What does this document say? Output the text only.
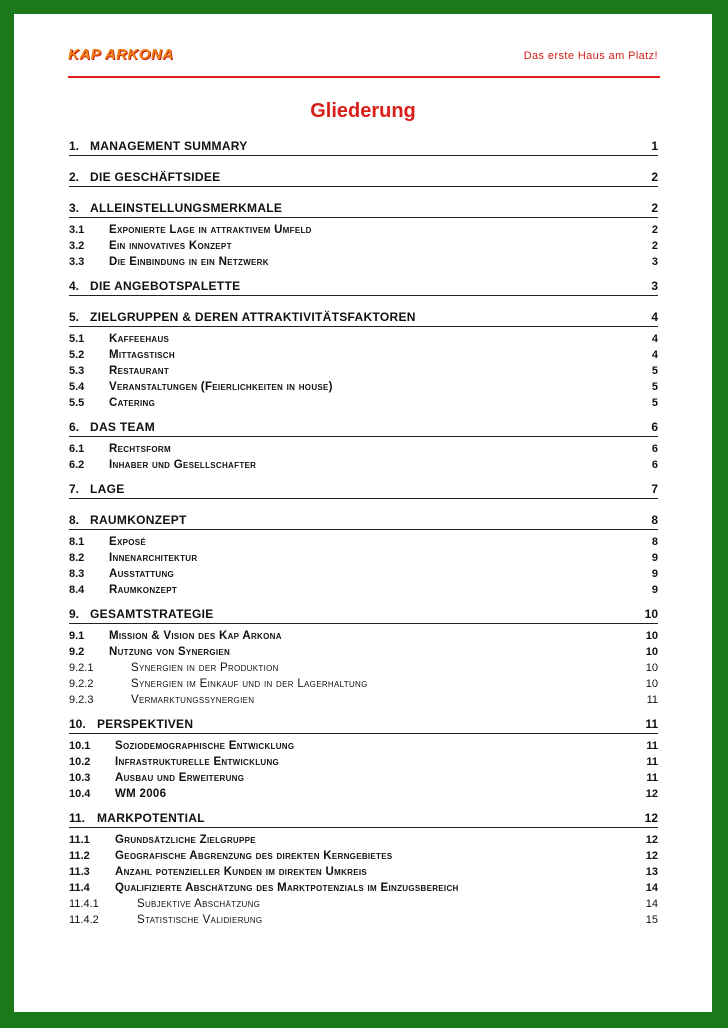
KAP ARKONA	Das erste Haus am Platz!
Gliederung
1. MANAGEMENT SUMMARY	1
2. DIE GESCHÄFTSIDEE	2
3. ALLEINSTELLUNGSMERKMALE	2
3.1 Exponierte Lage in attraktivem Umfeld	2
3.2 Ein innovatives Konzept	2
3.3 Die Einbindung in ein Netzwerk	3
4. DIE ANGEBOTSPALETTE	3
5. ZIELGRUPPEN & DEREN ATTRAKTIVITÄTSFAKTOREN	4
5.1 Kaffeehaus	4
5.2 Mittagstisch	4
5.3 Restaurant	5
5.4 Veranstaltungen (Feierlichkeiten in house)	5
5.5 Catering	5
6. DAS TEAM	6
6.1 Rechtsform	6
6.2 Inhaber und Gesellschafter	6
7. LAGE	7
8. RAUMKONZEPT	8
8.1 Exposé	8
8.2 Innenarchitektur	9
8.3 Ausstattung	9
8.4 Raumkonzept	9
9. GESAMTSTRATEGIE	10
9.1 Mission & Vision des Kap Arkona	10
9.2 Nutzung von Synergien	10
9.2.1	Synergien in der Produktion	10
9.2.2	Synergien im Einkauf und in der Lagerhaltung	10
9.2.3	Vermarktungssynergien	11
10. PERSPEKTIVEN	11
10.1 Soziodemographische Entwicklung	11
10.2 Infrastrukturelle Entwicklung	11
10.3 Ausbau und Erweiterung	11
10.4 WM 2006	12
11. MARKPOTENTIAL	12
11.1 Grundsätzliche Zielgruppe	12
11.2 Geografische Abgrenzung des direkten Kerngebietes	12
11.3 Anzahl potenzieller Kunden im direkten Umkreis	13
11.4 Qualifizierte Abschätzung des Marktpotenzials im Einzugsbereich	14
11.4.1	Subjektive Abschätzung	14
11.4.2	Statistische Validierung	15
